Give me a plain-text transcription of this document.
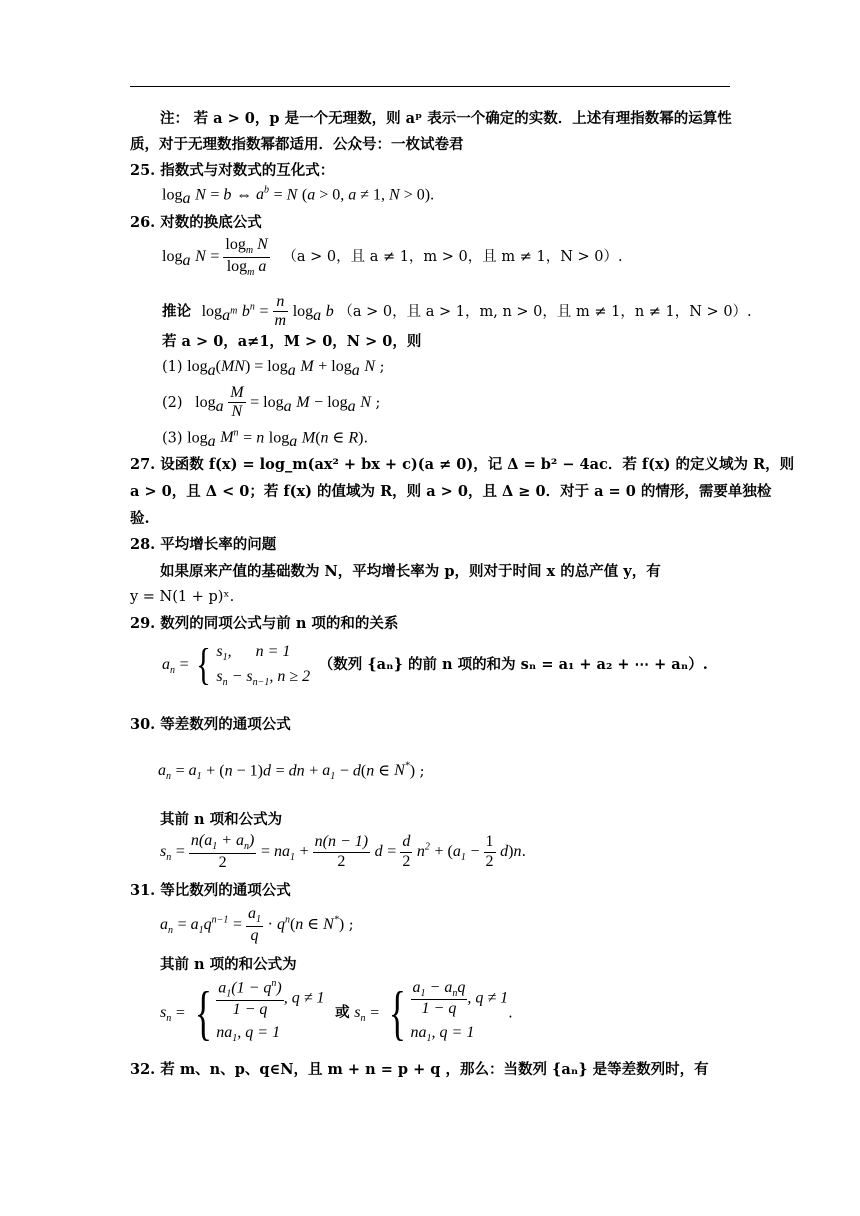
注： 若 a > 0，p 是一个无理数，则 aᵖ 表示一个确定的实数．上述有理指数幂的运算性
质，对于无理数指数幂都适用．公众号：一枚试卷君
25. 指数式与对数式的互化式：
$\log_a N = b$ ⇔ $a^b = N$ (a > 0, a ≠ 1, N > 0).
26. 对数的换底公式
$\log_a N = \frac{\log_m N}{\log_m a} (a > 0$，且 a ≠ 1，m > 0，且 m ≠ 1，N > 0）.
推论 $\log_{a^m} b^n = \frac{n}{m} \log_a b$ （a > 0，且 a > 1，m, n > 0，且 m ≠ 1，n ≠ 1，N > 0）.
若 a > 0，a≠1，M > 0，N > 0，则
(1) $\log_a(MN) = \log_a M + \log_a N$ ;
(2) $\log_a \frac{M}{N} = \log_a M - \log_a N$ ;
(3) $\log_a M^n = n$ $\log_a M(n$ ∈ R).
27. 设函数 f(x) = log_m(ax² + bx + c)(a ≠ 0)，记 Δ = b² − 4ac．若 f(x) 的定义域为 R，则
a > 0，且 Δ < 0；若 f(x) 的值域为 R，则 a > 0，且 Δ ≥ 0．对于 a = 0 的情形，需要单独检
验.
28. 平均增长率的问题
如果原来产值的基础数为 N，平均增长率为 p，则对于时间 x 的总产值 y，有
y = N(1 + p)ˣ.
29. 数列的同项公式与前 n 项的和的关系
$a_n$ = { $s_1$,      n = 1
$s_n - s_{n-1}$, n ≥ 2
（数列 {aₙ} 的前 n 项的和为 sₙ = a₁ + a₂ + ⋯ + aₙ）.
30. 等差数列的通项公式
$a_n = a_1 + (n - 1)d$ = dn + $a_1 - d(n$ ∈ N*) ;
其前 n 项和公式为
$s_n = \frac{n(a_1 + a_n)}{2} = na_1 + \frac{n(n - 1)}{2}$ $d = \frac{d}{2} n^2 + (a_1 - \frac{1}{2} d)n$.
31. 等比数列的通项公式
$a_n = a_1q^{n-1} = \frac{a_1}{q} \cdot q^n(n$ ∈ N*) ;
其前 n 项的和公式为
$s_n$ = { $\frac{a_1(1 - q^n)}{1 - q}$ , q ≠ 1
$na_1$, q = 1
或 $s_n$ = { $\frac{a_1 - a_nq}{1 - q}$ , q ≠ 1
$na_1$, q = 1
.
32. 若 m、n、p、q∈N，且 m + n = p + q ，那么：当数列 {aₙ} 是等差数列时，有
